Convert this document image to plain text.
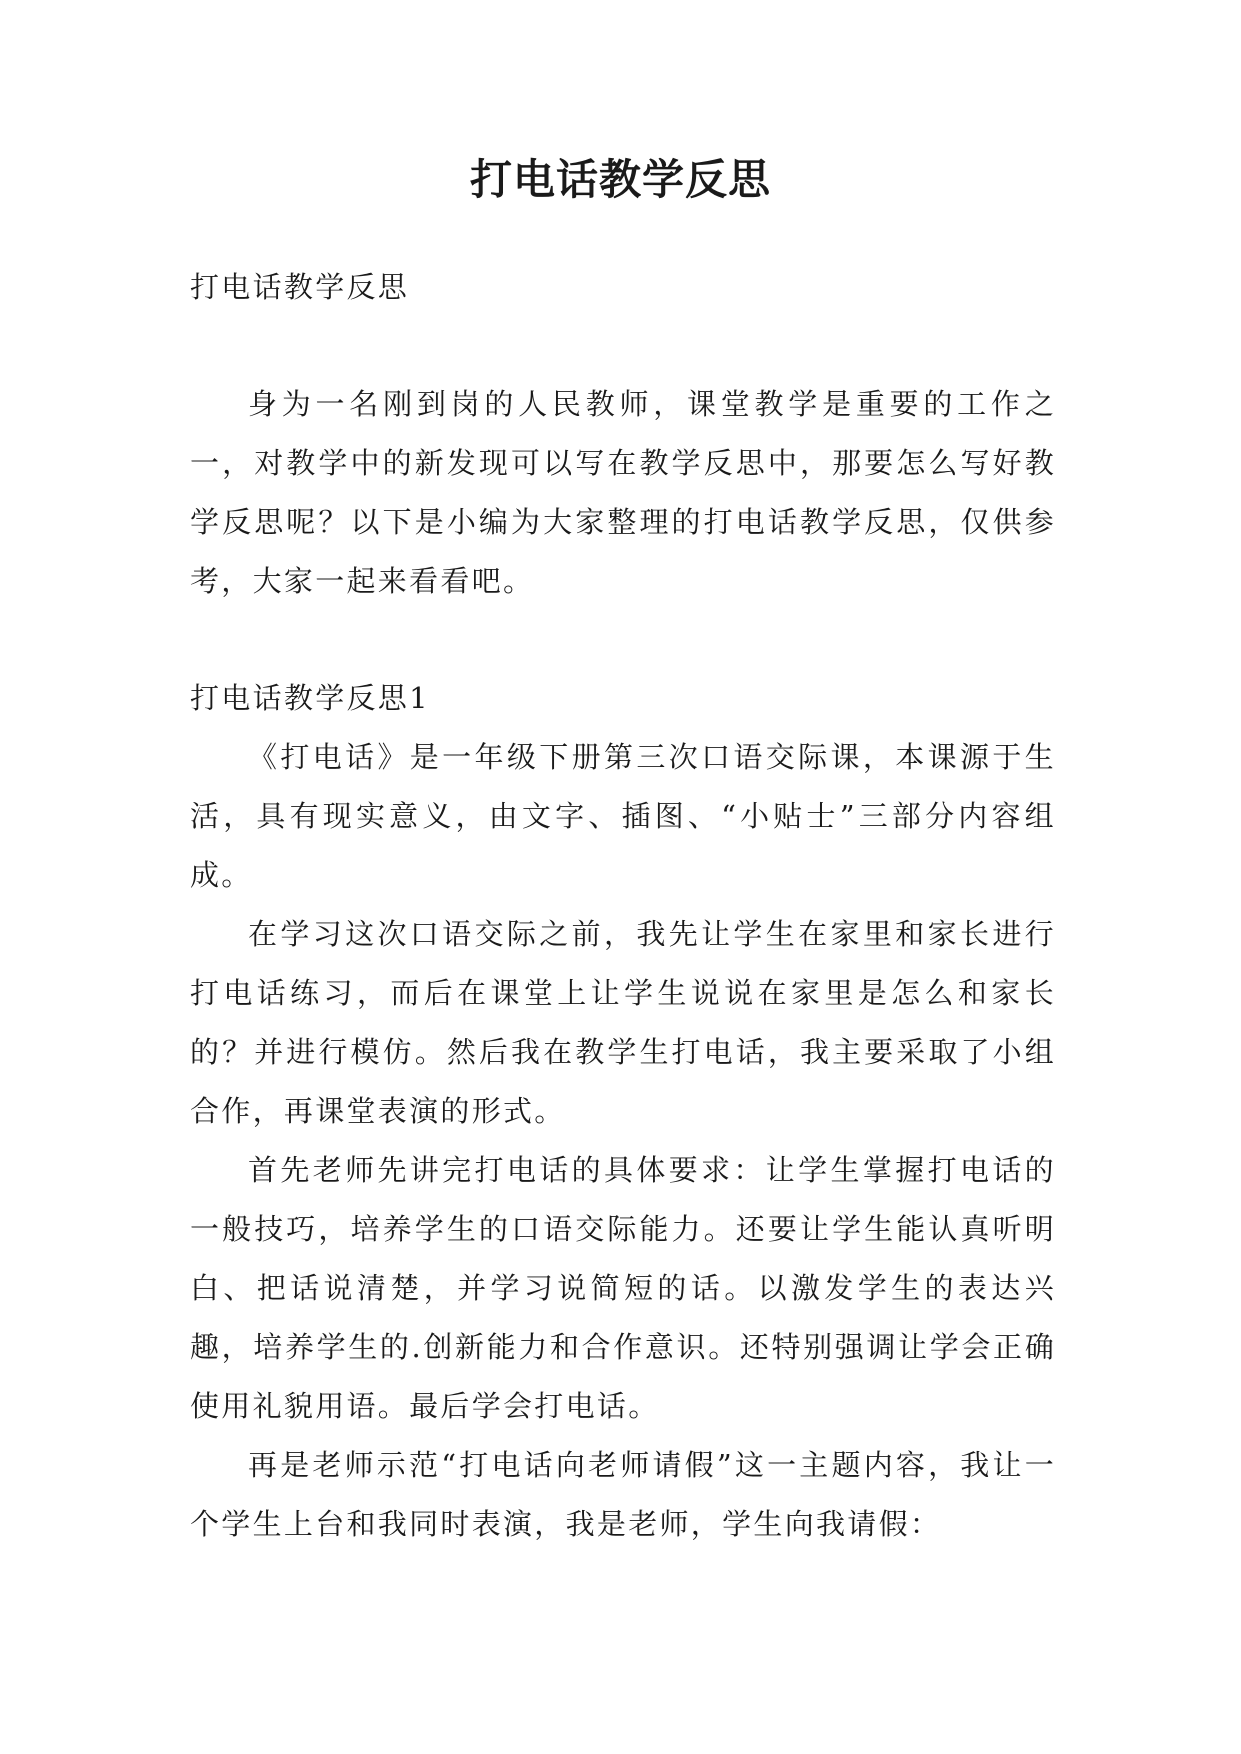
打电话教学反思

打电话教学反思

身为一名刚到岗的人民教师，课堂教学是重要的工作之一，对教学中的新发现可以写在教学反思中，那要怎么写好教学反思呢？以下是小编为大家整理的打电话教学反思，仅供参考，大家一起来看看吧。

打电话教学反思1

《打电话》是一年级下册第三次口语交际课，本课源于生活，具有现实意义，由文字、插图、“小贴士”三部分内容组成。

在学习这次口语交际之前，我先让学生在家里和家长进行打电话练习，而后在课堂上让学生说说在家里是怎么和家长的？并进行模仿。然后我在教学生打电话，我主要采取了小组合作，再课堂表演的形式。

首先老师先讲完打电话的具体要求：让学生掌握打电话的一般技巧，培养学生的口语交际能力。还要让学生能认真听明白、把话说清楚，并学习说简短的话。以激发学生的表达兴趣，培养学生的.创新能力和合作意识。还特别强调让学会正确使用礼貌用语。最后学会打电话。

再是老师示范“打电话向老师请假”这一主题内容，我让一个学生上台和我同时表演，我是老师，学生向我请假：
